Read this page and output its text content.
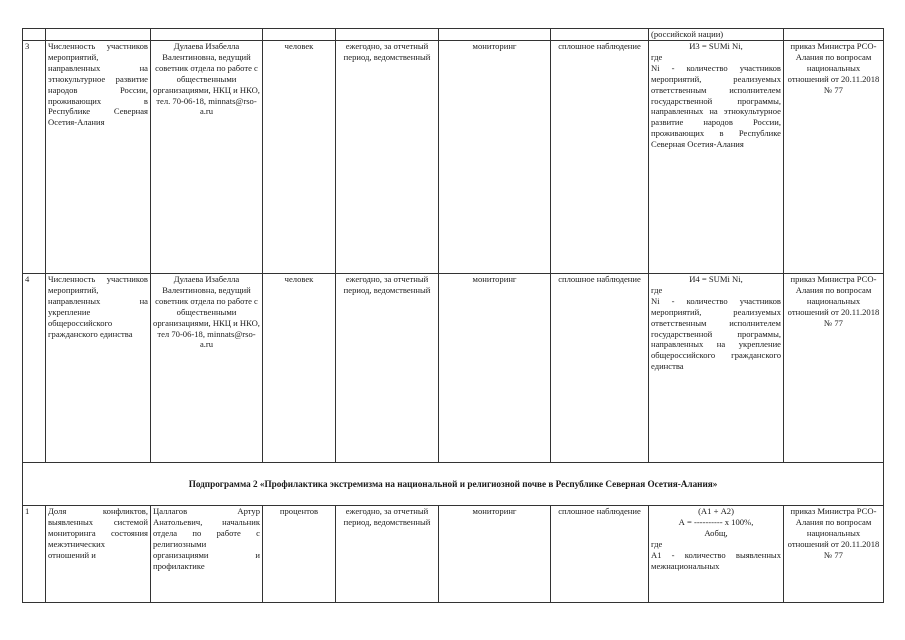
							(российской нации)	
3	Численность участников мероприятий, направленных на этнокультурное развитие народов России, проживающих в Республике Северная Осетия-Алания	Дулаева Изабелла Валентиновна, ведущий советник отдела по работе с общественными организациями, НКЦ и НКО, тел. 70-06-18, minnats@rso-a.ru	человек	ежегодно, за отчетный период, ведомственный	мониторинг	сплошное наблюдение	И3 = SUMi Ni,
где
Ni - количество участников мероприятий, реализуемых ответственным исполнителем государственной программы, направленных на этнокультурное развитие народов России, проживающих в Республике Северная Осетия-Алания	приказ Министра РСО-Алания по вопросам национальных отношений от 20.11.2018 № 77
4	Численность участников мероприятий, направленных на укрепление общероссийского гражданского единства	Дулаева Изабелла Валентиновна, ведущий советник отдела по работе с общественными организациями, НКЦ и НКО, тел 70-06-18, minnats@rso-a.ru	человек	ежегодно, за отчетный период, ведомственный	мониторинг	сплошное наблюдение	И4 = SUMi Ni,
где
Ni - количество участников мероприятий, реализуемых ответственным исполнителем государственной программы, направленных на укрепление общероссийского гражданского единства	приказ Министра РСО-Алания по вопросам национальных отношений от 20.11.2018 № 77
Подпрограмма 2 «Профилактика экстремизма на национальной и религиозной почве в Республике Северная Осетия-Алания»								
1	Доля конфликтов, выявленных системой мониторинга состояния межэтнических отношений и	Цаллагов Артур Анатольевич, начальник отдела по работе с религиозными организациями и профилактике	процентов	ежегодно, за отчетный период, ведомственный	мониторинг	сплошное наблюдение	(А1 + А2)
А = ---------- x 100%,
Аобщ,
где
А1 - количество выявленных межнациональных	приказ Министра РСО-Алания по вопросам национальных отношений от 20.11.2018 № 77
